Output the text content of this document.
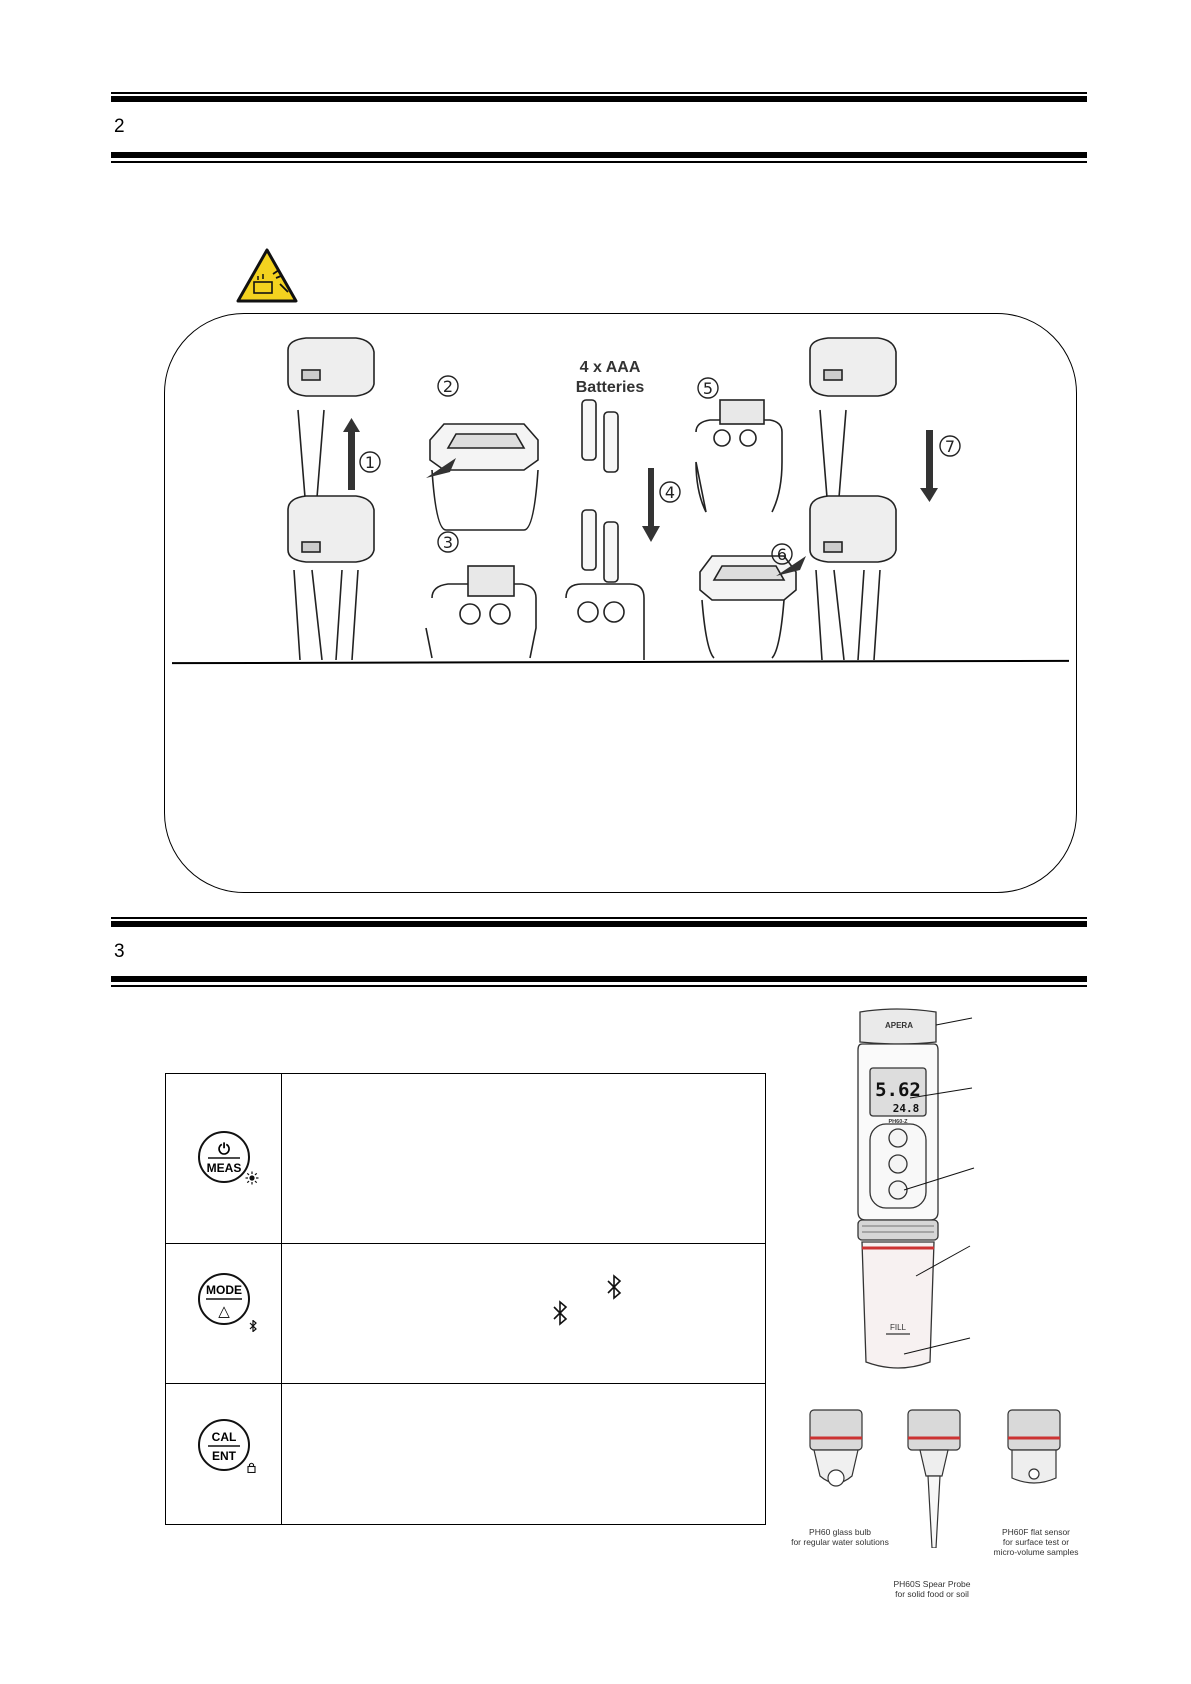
2
4 x AAA
Batteries
1
2
3
4
5
6
7
3
⏻
MEAS
MODE
△
CAL
ENT
APERA
5.62
24.8
PH60-Z
FILL
PH60 glass bulb
for regular water solutions
PH60S Spear Probe
for solid food or soil
PH60F flat sensor
for surface test or
micro-volume samples
